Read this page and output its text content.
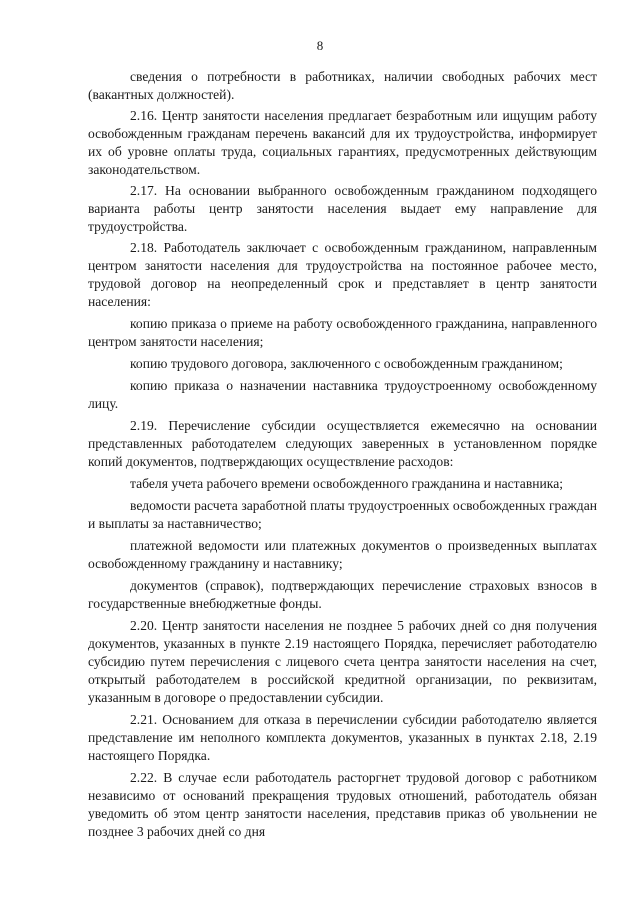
8

сведения о потребности в работниках, наличии свободных рабочих мест (вакантных должностей).

2.16. Центр занятости населения предлагает безработным или ищущим работу освобожденным гражданам перечень вакансий для их трудоустройства, информирует их об уровне оплаты труда, социальных гарантиях, предусмотренных действующим законодательством.

2.17. На основании выбранного освобожденным гражданином подходящего варианта работы центр занятости населения выдает ему направление для трудоустройства.

2.18. Работодатель заключает с освобожденным гражданином, направленным центром занятости населения для трудоустройства на постоянное рабочее место, трудовой договор на неопределенный срок и представляет в центр занятости населения:

копию приказа о приеме на работу освобожденного гражданина, направленного центром занятости населения;

копию трудового договора, заключенного с освобожденным гражданином;

копию приказа о назначении наставника трудоустроенному освобожденному лицу.

2.19. Перечисление субсидии осуществляется ежемесячно на основании представленных работодателем следующих заверенных в установленном порядке копий документов, подтверждающих осуществление расходов:

табеля учета рабочего времени освобожденного гражданина и наставника;

ведомости расчета заработной платы трудоустроенных освобожденных граждан и выплаты за наставничество;

платежной ведомости или платежных документов о произведенных выплатах освобожденному гражданину и наставнику;

документов (справок), подтверждающих перечисление страховых взносов в государственные внебюджетные фонды.

2.20. Центр занятости населения не позднее 5 рабочих дней со дня получения документов, указанных в пункте 2.19 настоящего Порядка, перечисляет работодателю субсидию путем перечисления с лицевого счета центра занятости населения на счет, открытый работодателем в российской кредитной организации, по реквизитам, указанным в договоре о предоставлении субсидии.

2.21. Основанием для отказа в перечислении субсидии работодателю является представление им неполного комплекта документов, указанных в пунктах 2.18, 2.19 настоящего Порядка.

2.22. В случае если работодатель расторгнет трудовой договор с работником независимо от оснований прекращения трудовых отношений, работодатель обязан уведомить об этом центр занятости населения, представив приказ об увольнении не позднее 3 рабочих дней со дня
